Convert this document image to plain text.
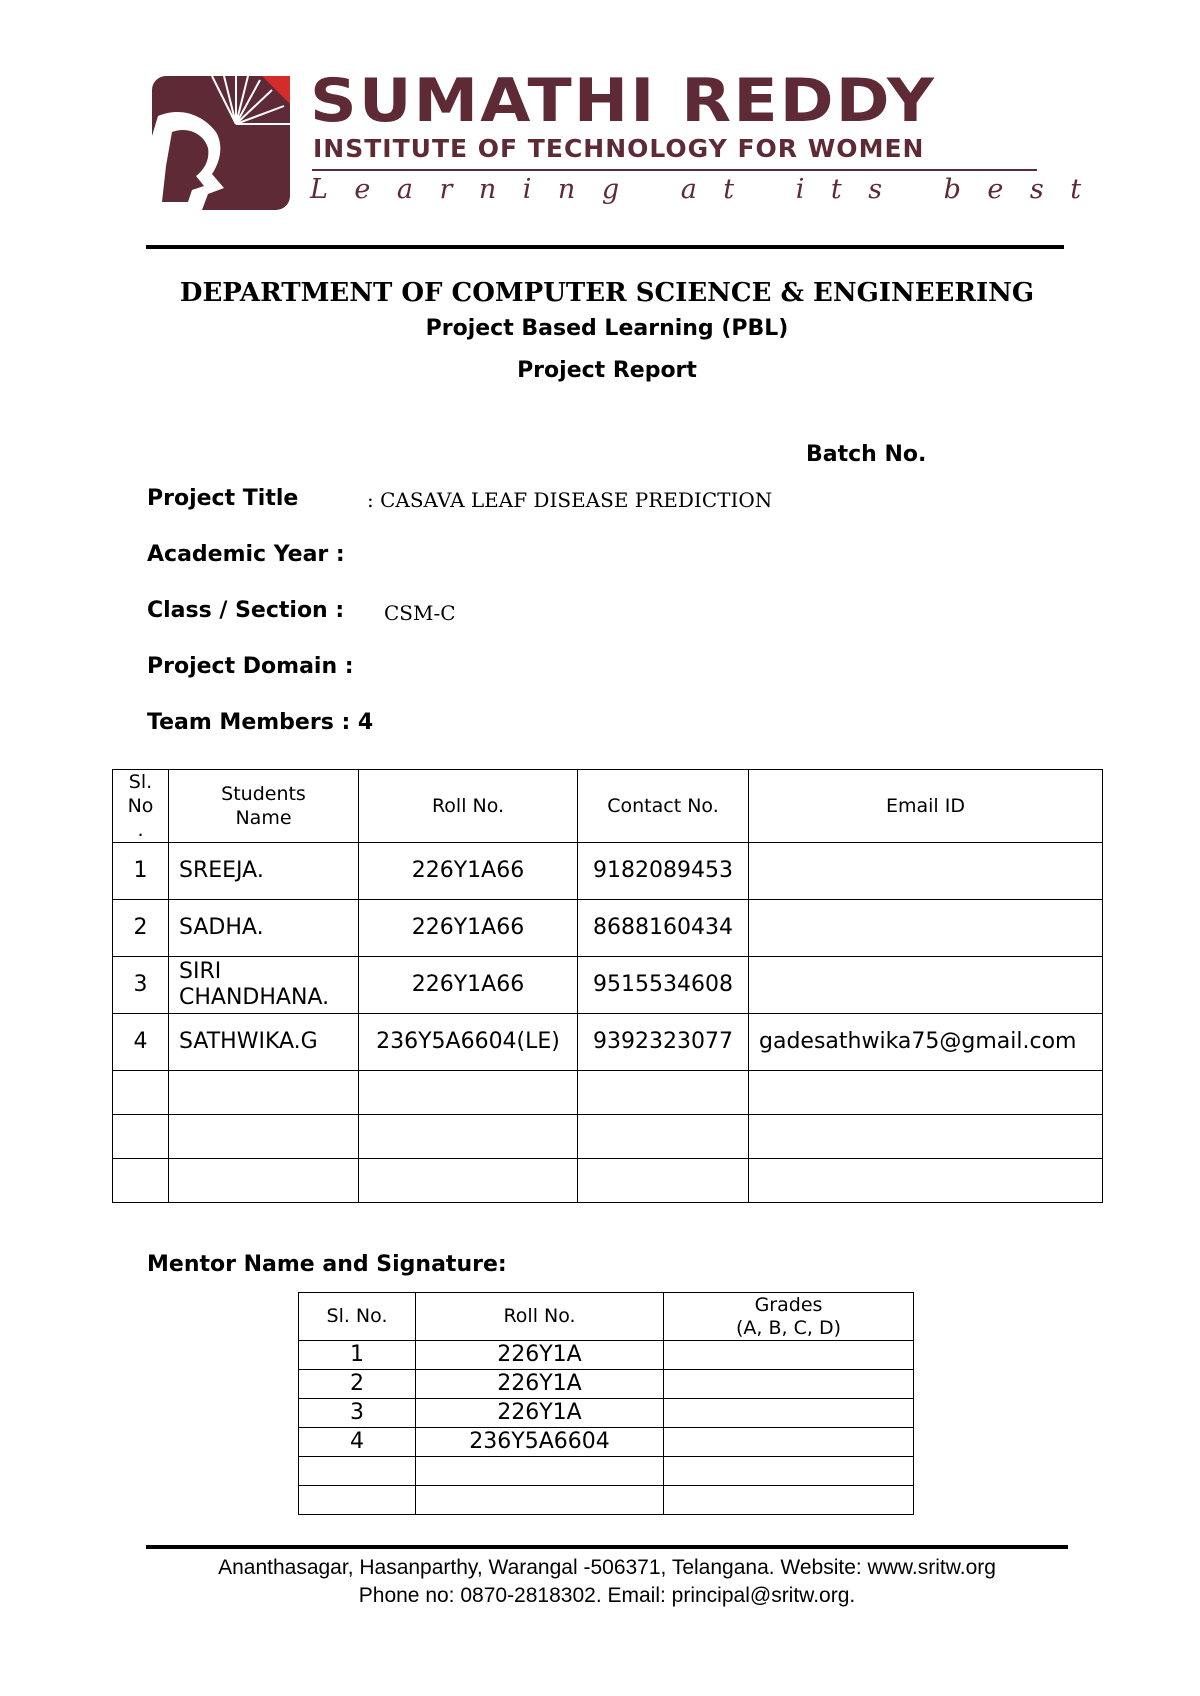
SUMATHI REDDY
INSTITUTE OF TECHNOLOGY FOR WOMEN
Learning at its best
DEPARTMENT OF COMPUTER SCIENCE & ENGINEERING
Project Based Learning (PBL)
Project Report
Batch No.
Project Title	: CASAVA LEAF DISEASE PREDICTION
Academic Year :
Class / Section : CSM-C
Project Domain :
Team Members : 4
Sl. No .	Students Name	Roll No.	Contact No.	Email ID
1	SREEJA.	226Y1A66	9182089453	

2	SADHA.	226Y1A66	8688160434	

3	SIRI CHANDHANA.	226Y1A66	9515534608	

4	SATHWIKA.G	236Y5A6604(LE)	9392323077	gadesathwika75@gmail.com

Mentor Name and Signature:
Sl. No.	Roll No.	Grades
(A, B, C, D)

1	226Y1A	
2	226Y1A	
3	226Y1A	
4	236Y5A6604	

Ananthasagar, Hasanparthy, Warangal -506371, Telangana. Website: www.sritw.org
Phone no: 0870-2818302. Email: principal@sritw.org.
